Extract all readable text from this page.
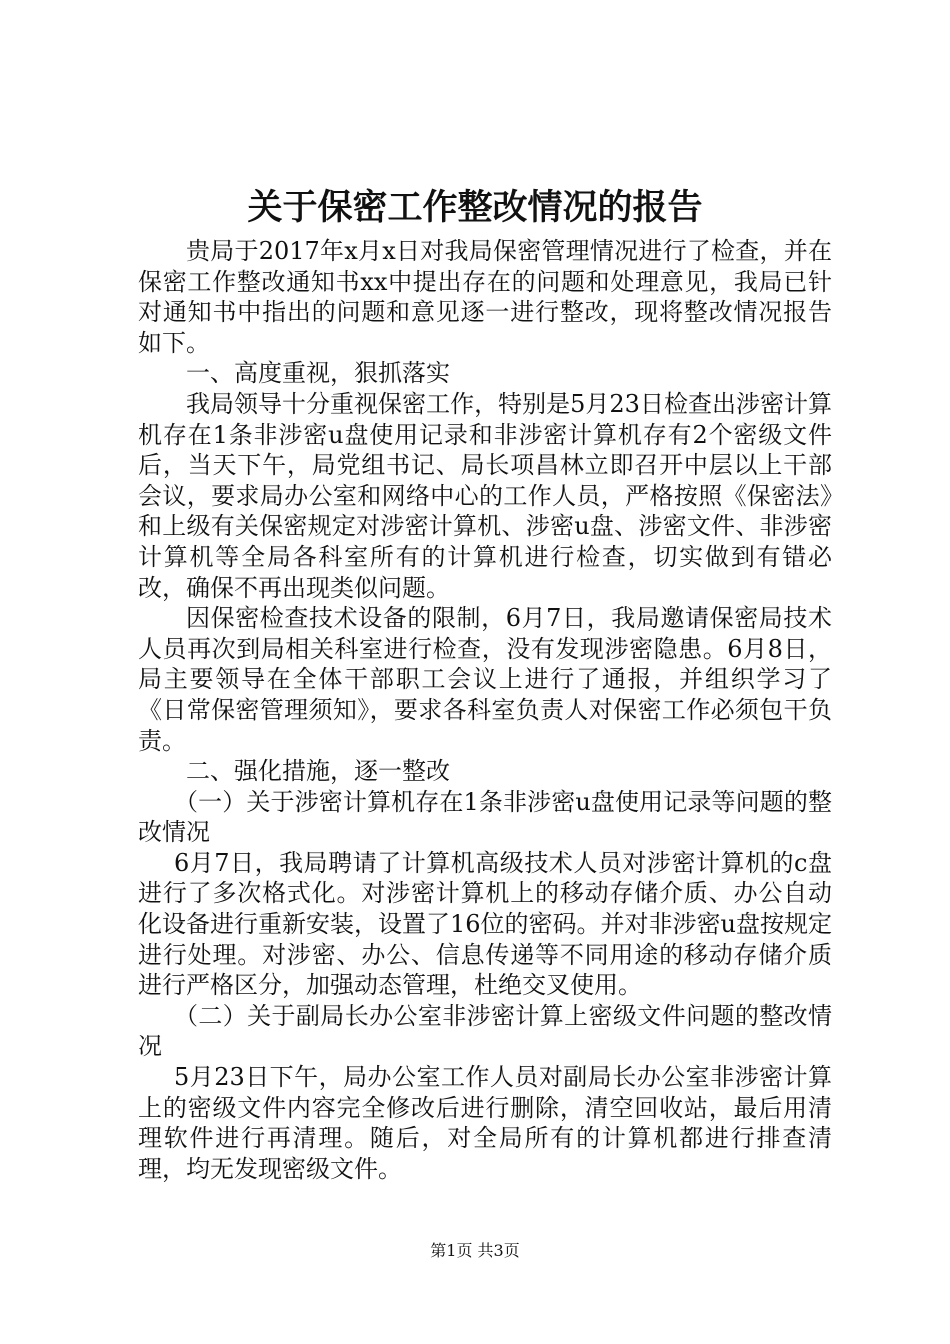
关于保密工作整改情况的报告

贵局于2017年x月x日对我局保密管理情况进行了检查，并在保密工作整改通知书xx中提出存在的问题和处理意见，我局已针对通知书中指出的问题和意见逐一进行整改，现将整改情况报告如下。

一、高度重视，狠抓落实

我局领导十分重视保密工作，特别是5月23日检查出涉密计算机存在1条非涉密u盘使用记录和非涉密计算机存有2个密级文件后，当天下午，局党组书记、局长项昌林立即召开中层以上干部会议，要求局办公室和网络中心的工作人员，严格按照《保密法》和上级有关保密规定对涉密计算机、涉密u盘、涉密文件、非涉密计算机等全局各科室所有的计算机进行检查，切实做到有错必改，确保不再出现类似问题。

因保密检查技术设备的限制，6月7日，我局邀请保密局技术人员再次到局相关科室进行检查，没有发现涉密隐患。6月8日，局主要领导在全体干部职工会议上进行了通报，并组织学习了《日常保密管理须知》，要求各科室负责人对保密工作必须包干负责。

二、强化措施，逐一整改

（一）关于涉密计算机存在1条非涉密u盘使用记录等问题的整改情况

6月7日，我局聘请了计算机高级技术人员对涉密计算机的c盘进行了多次格式化。对涉密计算机上的移动存储介质、办公自动化设备进行重新安装，设置了16位的密码。并对非涉密u盘按规定进行处理。对涉密、办公、信息传递等不同用途的移动存储介质进行严格区分，加强动态管理，杜绝交叉使用。

（二）关于副局长办公室非涉密计算上密级文件问题的整改情况

5月23日下午，局办公室工作人员对副局长办公室非涉密计算上的密级文件内容完全修改后进行删除，清空回收站，最后用清理软件进行再清理。随后，对全局所有的计算机都进行排查清理，均无发现密级文件。

第1页 共3页
